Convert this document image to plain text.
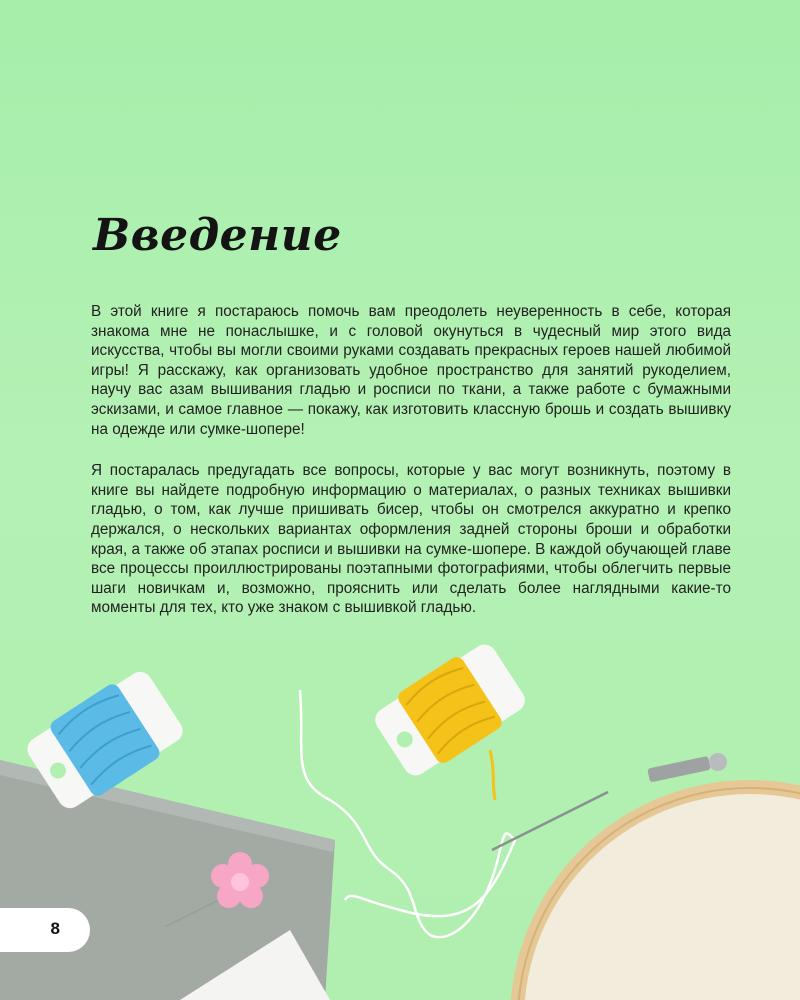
Введение

В этой книге я постараюсь помочь вам преодолеть неуверенность в себе, которая знакома мне не понаслышке, и с головой окунуться в чудесный мир этого вида искусства, чтобы вы могли своими руками создавать прекрасных героев нашей любимой игры! Я расскажу, как организовать удобное пространство для занятий рукоделием, научу вас азам вышивания гладью и росписи по ткани, а также работе с бумажными эскизами, и самое главное — покажу, как изготовить классную брошь и создать вышивку на одежде или сумке-шопере!

Я постаралась предугадать все вопросы, которые у вас могут возникнуть, поэтому в книге вы найдете подробную информацию о материалах, о разных техниках вышивки гладью, о том, как лучше пришивать бисер, чтобы он смотрелся аккуратно и крепко держался, о нескольких вариантах оформления задней стороны броши и обработки края, а также об этапах росписи и вышивки на сумке-шопере. В каждой обучающей главе все процессы проиллюстрированы поэтапными фотографиями, чтобы облегчить первые шаги новичкам и, возможно, прояснить или сделать более наглядными какие-то моменты для тех, кто уже знаком с вышивкой гладью.

8
